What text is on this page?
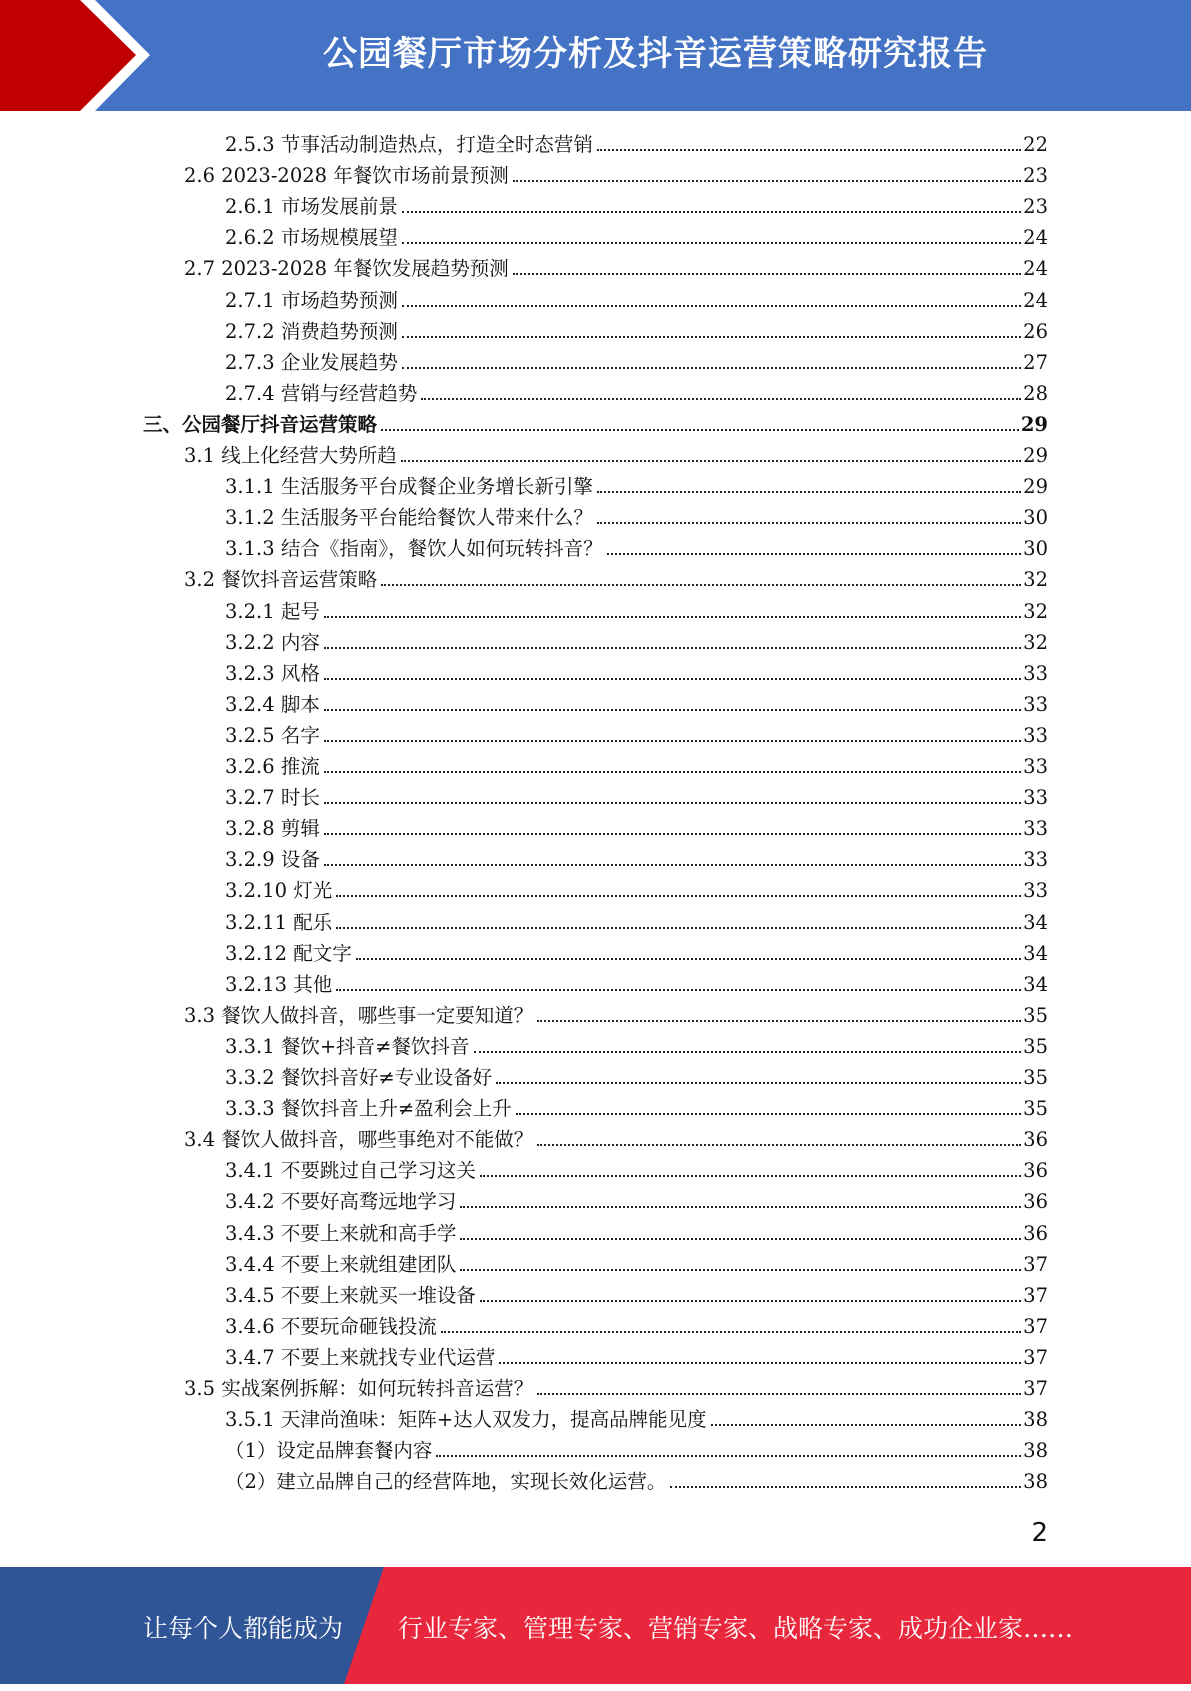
公园餐厅市场分析及抖音运营策略研究报告
2.5.3 节事活动制造热点，打造全时态营销	22
2.6 2023-2028 年餐饮市场前景预测	23
2.6.1 市场发展前景	23
2.6.2 市场规模展望	24
2.7 2023-2028 年餐饮发展趋势预测	24
2.7.1 市场趋势预测	24
2.7.2 消费趋势预测	26
2.7.3 企业发展趋势	27
2.7.4 营销与经营趋势	28
三、公园餐厅抖音运营策略	29
3.1 线上化经营大势所趋	29
3.1.1 生活服务平台成餐企业务增长新引擎	29
3.1.2 生活服务平台能给餐饮人带来什么？	30
3.1.3 结合《指南》，餐饮人如何玩转抖音？	30
3.2 餐饮抖音运营策略	32
3.2.1 起号	32
3.2.2 内容	32
3.2.3 风格	33
3.2.4 脚本	33
3.2.5 名字	33
3.2.6 推流	33
3.2.7 时长	33
3.2.8 剪辑	33
3.2.9 设备	33
3.2.10 灯光	33
3.2.11 配乐	34
3.2.12 配文字	34
3.2.13 其他	34
3.3 餐饮人做抖音，哪些事一定要知道？	35
3.3.1 餐饮+抖音≠餐饮抖音	35
3.3.2 餐饮抖音好≠专业设备好	35
3.3.3 餐饮抖音上升≠盈利会上升	35
3.4 餐饮人做抖音，哪些事绝对不能做？	36
3.4.1 不要跳过自己学习这关	36
3.4.2 不要好高骛远地学习	36
3.4.3 不要上来就和高手学	36
3.4.4 不要上来就组建团队	37
3.4.5 不要上来就买一堆设备	37
3.4.6 不要玩命砸钱投流	37
3.4.7 不要上来就找专业代运营	37
3.5 实战案例拆解：如何玩转抖音运营？	37
3.5.1 天津尚渔味：矩阵+达人双发力，提高品牌能见度	38
（1）设定品牌套餐内容	38
（2）建立品牌自己的经营阵地，实现长效化运营。	38
2
让每个人都能成为 行业专家、管理专家、营销专家、战略专家、成功企业家……
